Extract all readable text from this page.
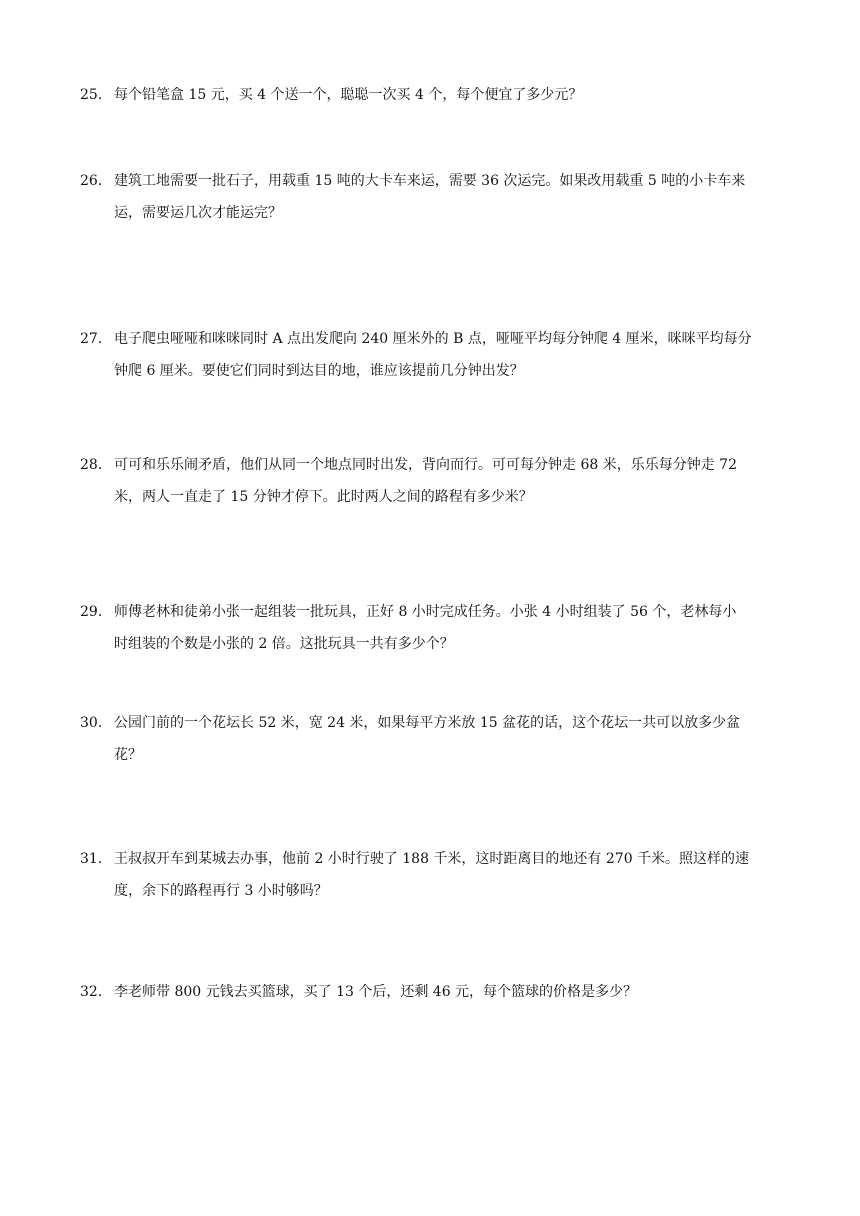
25． 每个铅笔盒 15 元，买 4 个送一个，聪聪一次买 4 个，每个便宜了多少元？
26． 建筑工地需要一批石子，用载重 15 吨的大卡车来运，需要 36 次运完。如果改用载重 5 吨的小卡车来
运，需要运几次才能运完？
27． 电子爬虫哑哑和咪咪同时 A 点出发爬向 240 厘米外的 B 点，哑哑平均每分钟爬 4 厘米，咪咪平均每分
钟爬 6 厘米。要使它们同时到达目的地，谁应该提前几分钟出发？
28． 可可和乐乐闹矛盾，他们从同一个地点同时出发，背向而行。可可每分钟走 68 米，乐乐每分钟走 72
米，两人一直走了 15 分钟才停下。此时两人之间的路程有多少米？
29． 师傅老林和徒弟小张一起组装一批玩具，正好 8 小时完成任务。小张 4 小时组装了 56 个，老林每小
时组装的个数是小张的 2 倍。这批玩具一共有多少个？
30． 公园门前的一个花坛长 52 米，宽 24 米，如果每平方米放 15 盆花的话，这个花坛一共可以放多少盆
花？
31． 王叔叔开车到某城去办事，他前 2 小时行驶了 188 千米，这时距离目的地还有 270 千米。照这样的速
度，余下的路程再行 3 小时够吗？
32． 李老师带 800 元钱去买篮球，买了 13 个后，还剩 46 元，每个篮球的价格是多少？
